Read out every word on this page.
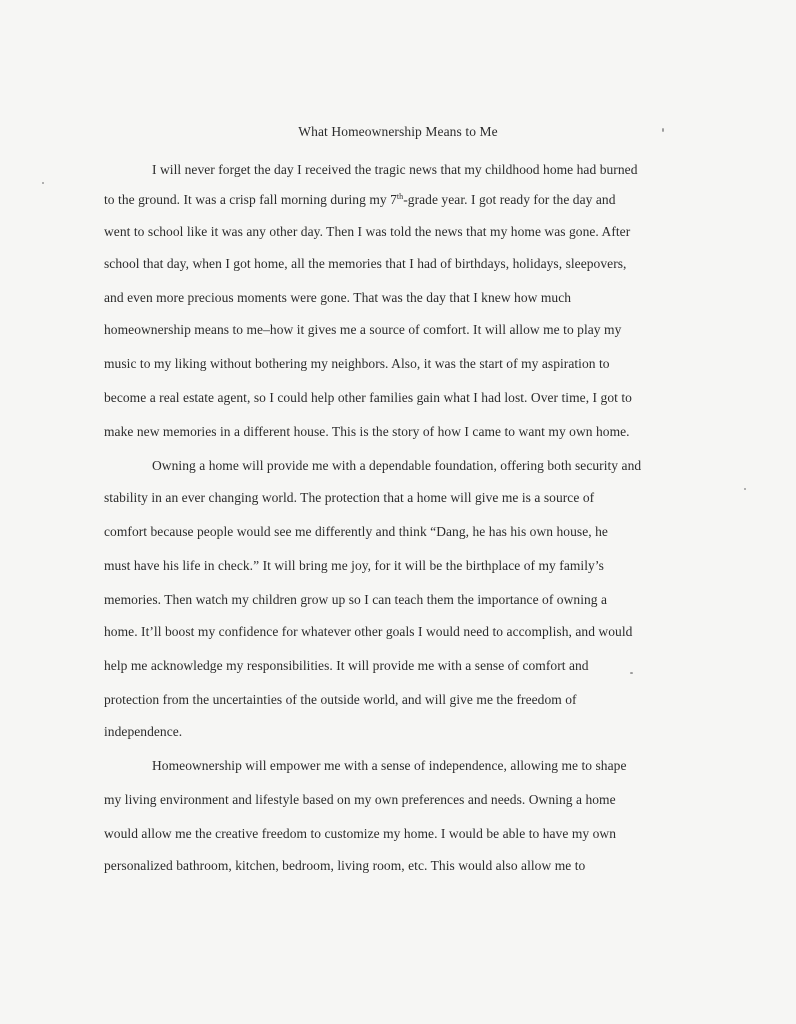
What Homeownership Means to Me
I will never forget the day I received the tragic news that my childhood home had burned
to the ground. It was a crisp fall morning during my 7th-grade year. I got ready for the day and
went to school like it was any other day. Then I was told the news that my home was gone. After
school that day, when I got home, all the memories that I had of birthdays, holidays, sleepovers,
and even more precious moments were gone. That was the day that I knew how much
homeownership means to me–how it gives me a source of comfort. It will allow me to play my
music to my liking without bothering my neighbors. Also, it was the start of my aspiration to
become a real estate agent, so I could help other families gain what I had lost. Over time, I got to
make new memories in a different house. This is the story of how I came to want my own home.
Owning a home will provide me with a dependable foundation, offering both security and
stability in an ever changing world. The protection that a home will give me is a source of
comfort because people would see me differently and think “Dang, he has his own house, he
must have his life in check.” It will bring me joy, for it will be the birthplace of my family’s
memories. Then watch my children grow up so I can teach them the importance of owning a
home. It’ll boost my confidence for whatever other goals I would need to accomplish, and would
help me acknowledge my responsibilities. It will provide me with a sense of comfort and
protection from the uncertainties of the outside world, and will give me the freedom of
independence.
Homeownership will empower me with a sense of independence, allowing me to shape
my living environment and lifestyle based on my own preferences and needs. Owning a home
would allow me the creative freedom to customize my home. I would be able to have my own
personalized bathroom, kitchen, bedroom, living room, etc. This would also allow me to
